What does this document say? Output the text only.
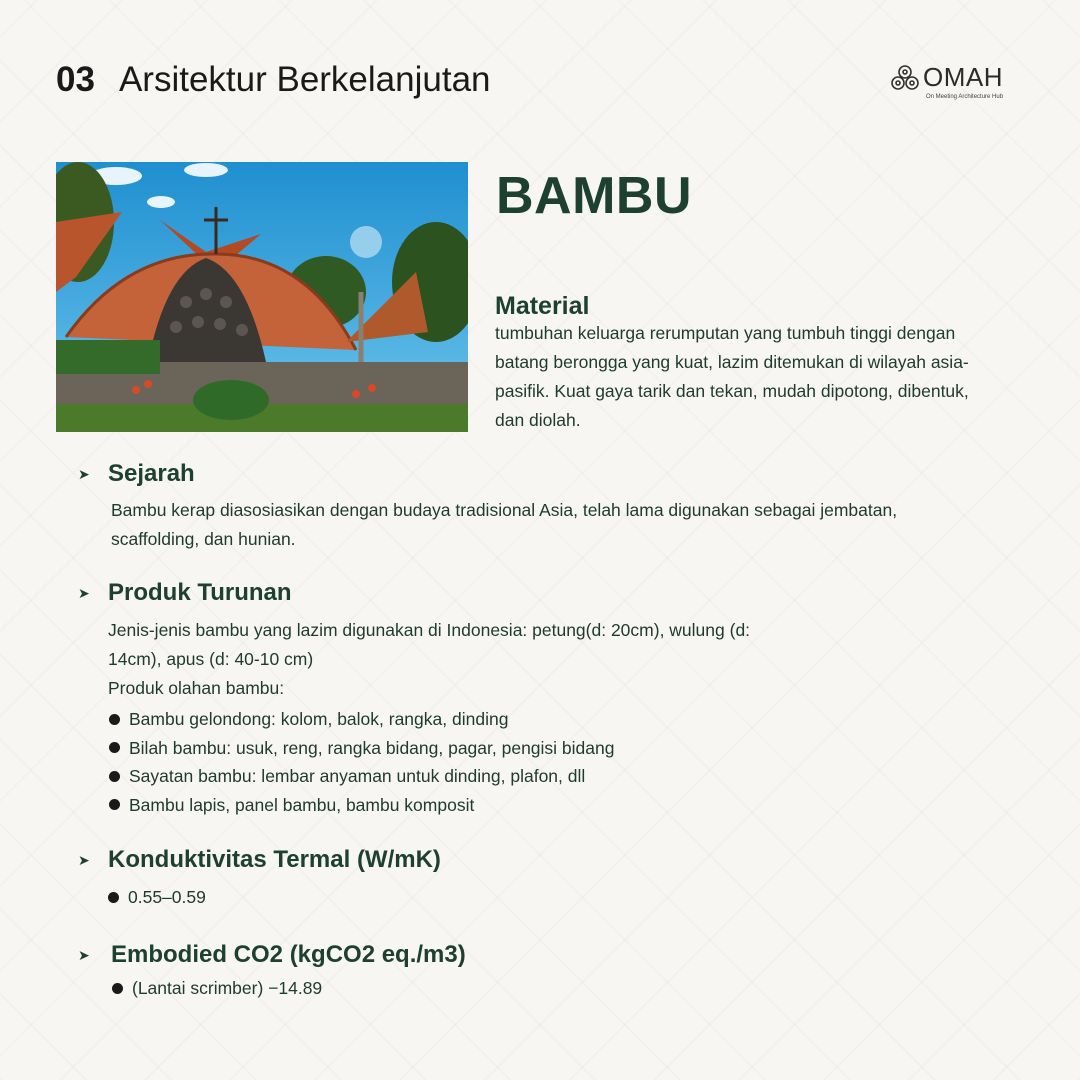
03 Arsitektur Berkelanjutan	OMAH
On Meeting Architecture Hub
BAMBU
Material
tumbuhan keluarga rerumputan yang tumbuh tinggi dengan
batang berongga yang kuat, lazim ditemukan di wilayah asia-
pasifik. Kuat gaya tarik dan tekan, mudah dipotong, dibentuk,
dan diolah.
➤ Sejarah
Bambu kerap diasosiasikan dengan budaya tradisional Asia, telah lama digunakan sebagai jembatan,
scaffolding, dan hunian.
➤ Produk Turunan
Jenis-jenis bambu yang lazim digunakan di Indonesia: petung(d: 20cm), wulung (d:
14cm), apus (d: 40-10 cm)
Produk olahan bambu:
Bambu gelondong: kolom, balok, rangka, dinding
Bilah bambu: usuk, reng, rangka bidang, pagar, pengisi bidang
Sayatan bambu: lembar anyaman untuk dinding, plafon, dll
Bambu lapis, panel bambu, bambu komposit
➤ Konduktivitas Termal (W/mK)
0.55–0.59
➤ Embodied CO2 (kgCO2 eq./m3)
(Lantai scrimber) −14.89
